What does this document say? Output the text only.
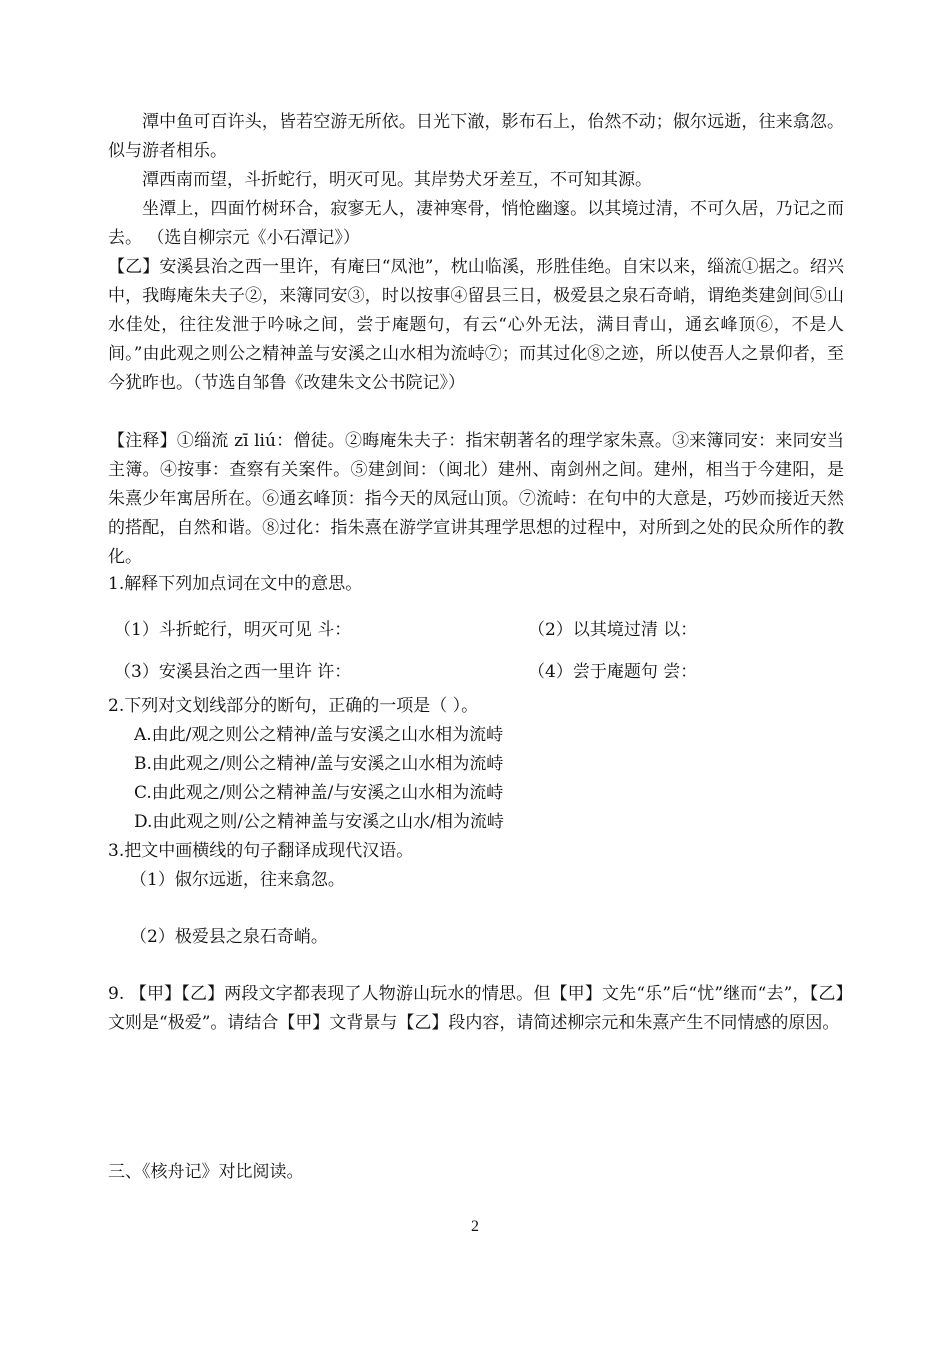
潭中鱼可百许头，皆若空游无所依。日光下澈，影布石上，佁然不动；俶尔远逝，往来翕忽。似与游者相乐。

潭西南而望，斗折蛇行，明灭可见。其岸势犬牙差互，不可知其源。

坐潭上，四面竹树环合，寂寥无人，凄神寒骨，悄怆幽邃。以其境过清，不可久居，乃记之而去。 （选自柳宗元《小石潭记》）

【乙】安溪县治之西一里许，有庵曰“凤池”，枕山临溪，形胜佳绝。自宋以来，缁流①据之。绍兴中，我晦庵朱夫子②，来簿同安③，时以按事④留县三日，极爱县之泉石奇峭，谓绝类建剑间⑤山水佳处，往往发泄于吟咏之间，尝于庵题句，有云“心外无法，满目青山，通玄峰顶⑥，不是人间。”由此观之则公之精神盖与安溪之山水相为流峙⑦；而其过化⑧之迹，所以使吾人之景仰者，至今犹昨也。（节选自邹鲁《改建朱文公书院记》）

【注释】①缁流 zī liú：僧徒。②晦庵朱夫子：指宋朝著名的理学家朱熹。③来簿同安：来同安当主簿。④按事：查察有关案件。⑤建剑间：（闽北）建州、南剑州之间。建州，相当于今建阳，是朱熹少年寓居所在。⑥通玄峰顶：指今天的凤冠山顶。⑦流峙：在句中的大意是，巧妙而接近天然的搭配，自然和谐。⑧过化：指朱熹在游学宣讲其理学思想的过程中，对所到之处的民众所作的教化。

1.解释下列加点词在文中的意思。
（1）斗折蛇行，明灭可见 斗：	（2）以其境过清 以：
（3）安溪县治之西一里许 许：	（4）尝于庵题句 尝：
2.下列对文划线部分的断句，正确的一项是（ ）。
A.由此/观之则公之精神/盖与安溪之山水相为流峙
B.由此观之/则公之精神/盖与安溪之山水相为流峙
C.由此观之/则公之精神盖/与安溪之山水相为流峙
D.由此观之则/公之精神盖与安溪之山水/相为流峙
3.把文中画横线的句子翻译成现代汉语。
（1）俶尔远逝，往来翕忽。
（2）极爱县之泉石奇峭。

9. 【甲】【乙】两段文字都表现了人物游山玩水的情思。但【甲】文先“乐”后“忧”继而“去”，【乙】文则是“极爱”。请结合【甲】文背景与【乙】段内容，请简述柳宗元和朱熹产生不同情感的原因。

三、《核舟记》对比阅读。
2
